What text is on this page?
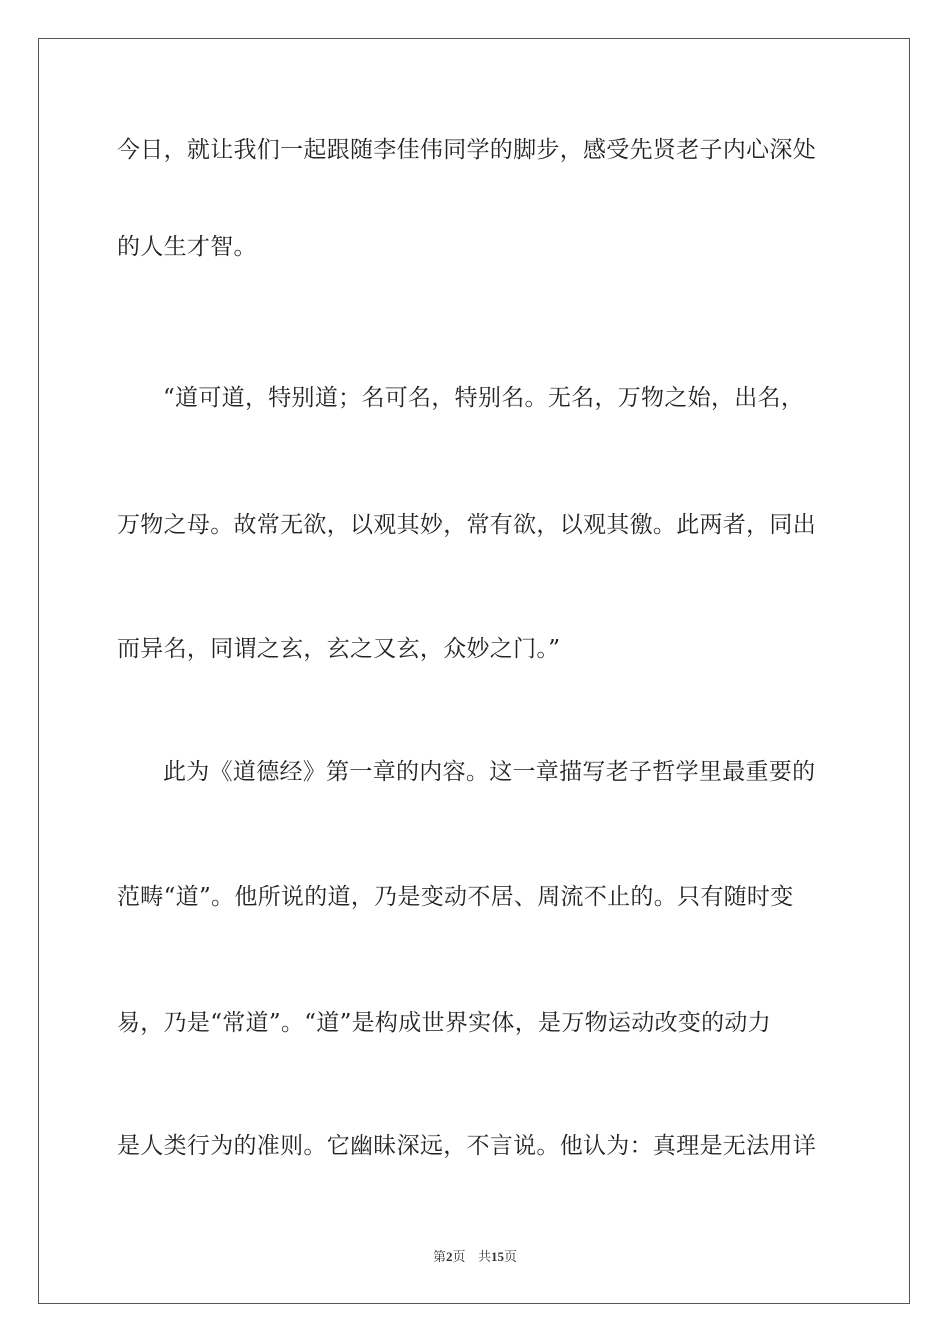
今日，就让我们一起跟随李佳伟同学的脚步，感受先贤老子内心深处
的人生才智。
“道可道，特别道；名可名，特别名。无名，万物之始，出名，
万物之母。故常无欲，以观其妙，常有欲，以观其徼。此两者，同出
而异名，同谓之玄，玄之又玄，众妙之门。”
此为《道德经》第一章的内容。这一章描写老子哲学里最重要的
范畴“道”。他所说的道，乃是变动不居、周流不止的。只有随时变
易，乃是“常道”。“道”是构成世界实体，是万物运动改变的动力
是人类行为的准则。它幽昧深远，不言说。他认为：真理是无法用详
第2页 共15页
